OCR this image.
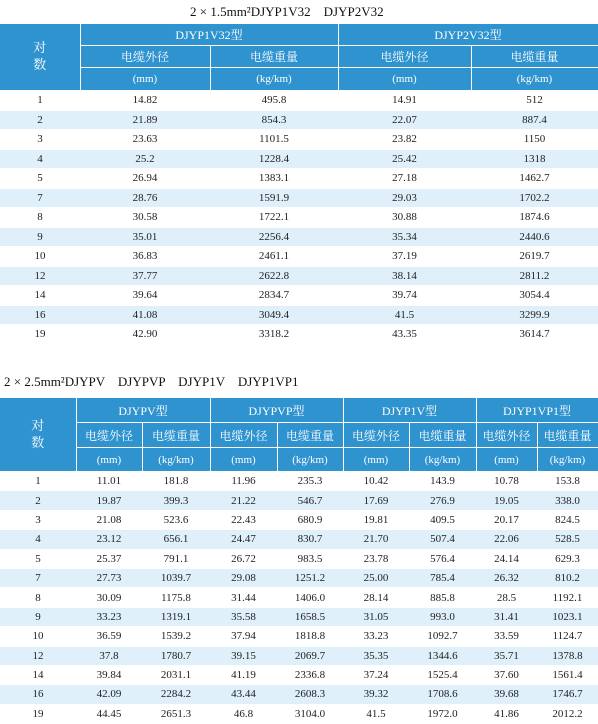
2 × 1.5mm²DJYP1V32　DJYP2V32
对
数	DJYP1V32型		DJYP2V32型	
	电缆外径	电缆重量	电缆外径	电缆重量
	(mm)	(kg/km)	(mm)	(kg/km)
1	14.82	495.8	14.91	512
2	21.89	854.3	22.07	887.4
3	23.63	1101.5	23.82	1150
4	25.2	1228.4	25.42	1318
5	26.94	1383.1	27.18	1462.7
7	28.76	1591.9	29.03	1702.2
8	30.58	1722.1	30.88	1874.6
9	35.01	2256.4	35.34	2440.6
10	36.83	2461.1	37.19	2619.7
12	37.77	2622.8	38.14	2811.2
14	39.64	2834.7	39.74	3054.4
16	41.08	3049.4	41.5	3299.9
19	42.90	3318.2	43.35	3614.7
2 × 2.5mm²DJYPV　DJYPVP　DJYP1V　DJYP1VP1
对
数	DJYPV型		DJYPVP型		DJYP1V型		DJYP1VP1型	
	电缆外径	电缆重量	电缆外径	电缆重量	电缆外径	电缆重量	电缆外径	电缆重量
	(mm)	(kg/km)	(mm)	(kg/km)	(mm)	(kg/km)	(mm)	(kg/km)
1	11.01	181.8	11.96	235.3	10.42	143.9	10.78	153.8
2	19.87	399.3	21.22	546.7	17.69	276.9	19.05	338.0
3	21.08	523.6	22.43	680.9	19.81	409.5	20.17	824.5
4	23.12	656.1	24.47	830.7	21.70	507.4	22.06	528.5
5	25.37	791.1	26.72	983.5	23.78	576.4	24.14	629.3
7	27.73	1039.7	29.08	1251.2	25.00	785.4	26.32	810.2
8	30.09	1175.8	31.44	1406.0	28.14	885.8	28.5	1192.1
9	33.23	1319.1	35.58	1658.5	31.05	993.0	31.41	1023.1
10	36.59	1539.2	37.94	1818.8	33.23	1092.7	33.59	1124.7
12	37.8	1780.7	39.15	2069.7	35.35	1344.6	35.71	1378.8
14	39.84	2031.1	41.19	2336.8	37.24	1525.4	37.60	1561.4
16	42.09	2284.2	43.44	2608.3	39.32	1708.6	39.68	1746.7
19	44.45	2651.3	46.8	3104.0	41.5	1972.0	41.86	2012.2
